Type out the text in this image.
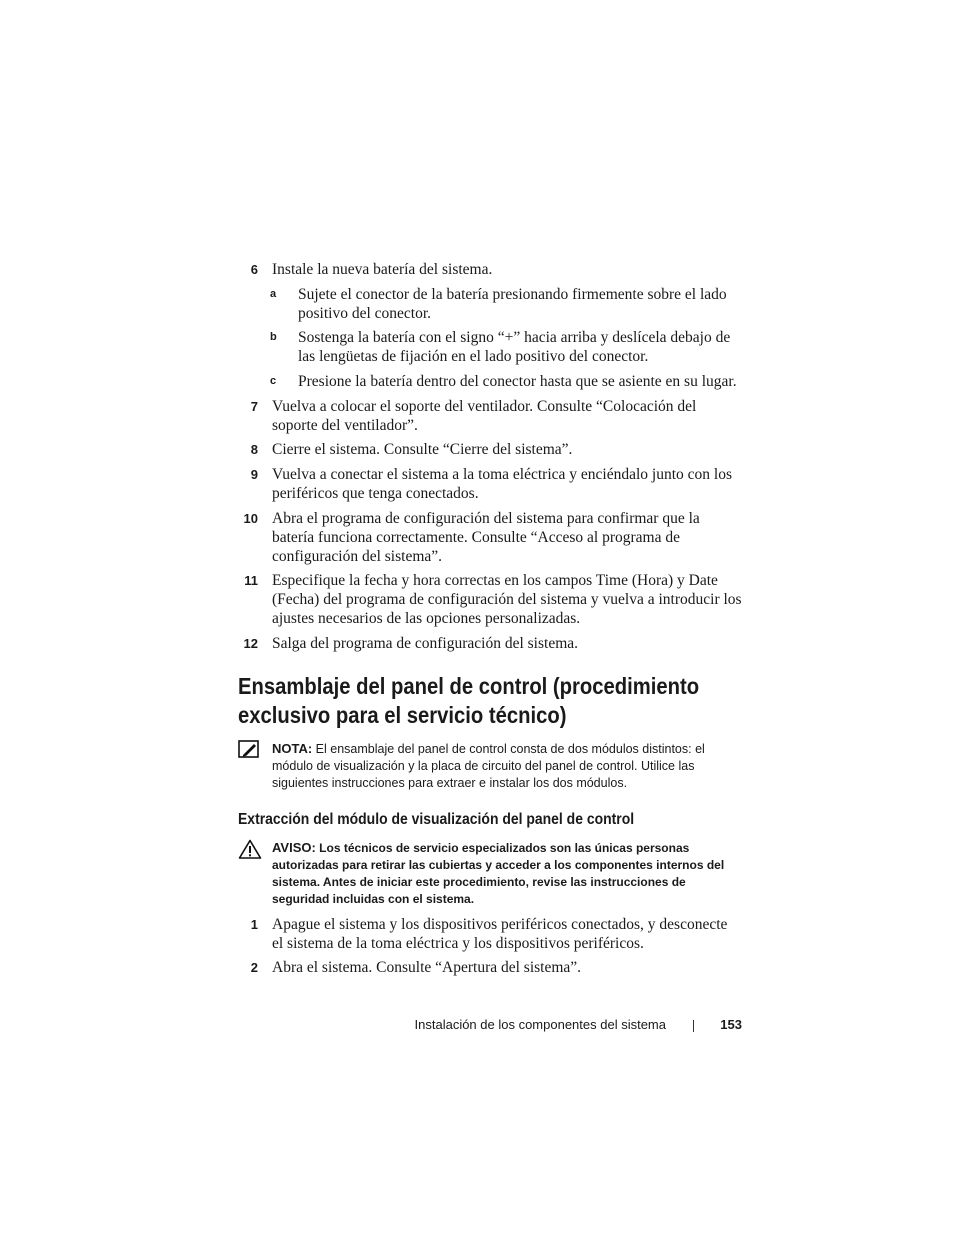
6 Instale la nueva batería del sistema.
a Sujete el conector de la batería presionando firmemente sobre el lado positivo del conector.
b Sostenga la batería con el signo “+” hacia arriba y deslícela debajo de las lengüetas de fijación en el lado positivo del conector.
c Presione la batería dentro del conector hasta que se asiente en su lugar.
7 Vuelva a colocar el soporte del ventilador. Consulte “Colocación del soporte del ventilador”.
8 Cierre el sistema. Consulte “Cierre del sistema”.
9 Vuelva a conectar el sistema a la toma eléctrica y enciéndalo junto con los periféricos que tenga conectados.
10 Abra el programa de configuración del sistema para confirmar que la batería funciona correctamente. Consulte “Acceso al programa de configuración del sistema”.
11 Especifique la fecha y hora correctas en los campos Time (Hora) y Date (Fecha) del programa de configuración del sistema y vuelva a introducir los ajustes necesarios de las opciones personalizadas.
12 Salga del programa de configuración del sistema.
Ensamblaje del panel de control (procedimiento exclusivo para el servicio técnico)
NOTA: El ensamblaje del panel de control consta de dos módulos distintos: el módulo de visualización y la placa de circuito del panel de control. Utilice las siguientes instrucciones para extraer e instalar los dos módulos.
Extracción del módulo de visualización del panel de control
AVISO: Los técnicos de servicio especializados son las únicas personas autorizadas para retirar las cubiertas y acceder a los componentes internos del sistema. Antes de iniciar este procedimiento, revise las instrucciones de seguridad incluidas con el sistema.
1 Apague el sistema y los dispositivos periféricos conectados, y desconecte el sistema de la toma eléctrica y los dispositivos periféricos.
2 Abra el sistema. Consulte “Apertura del sistema”.
Instalación de los componentes del sistema	153
